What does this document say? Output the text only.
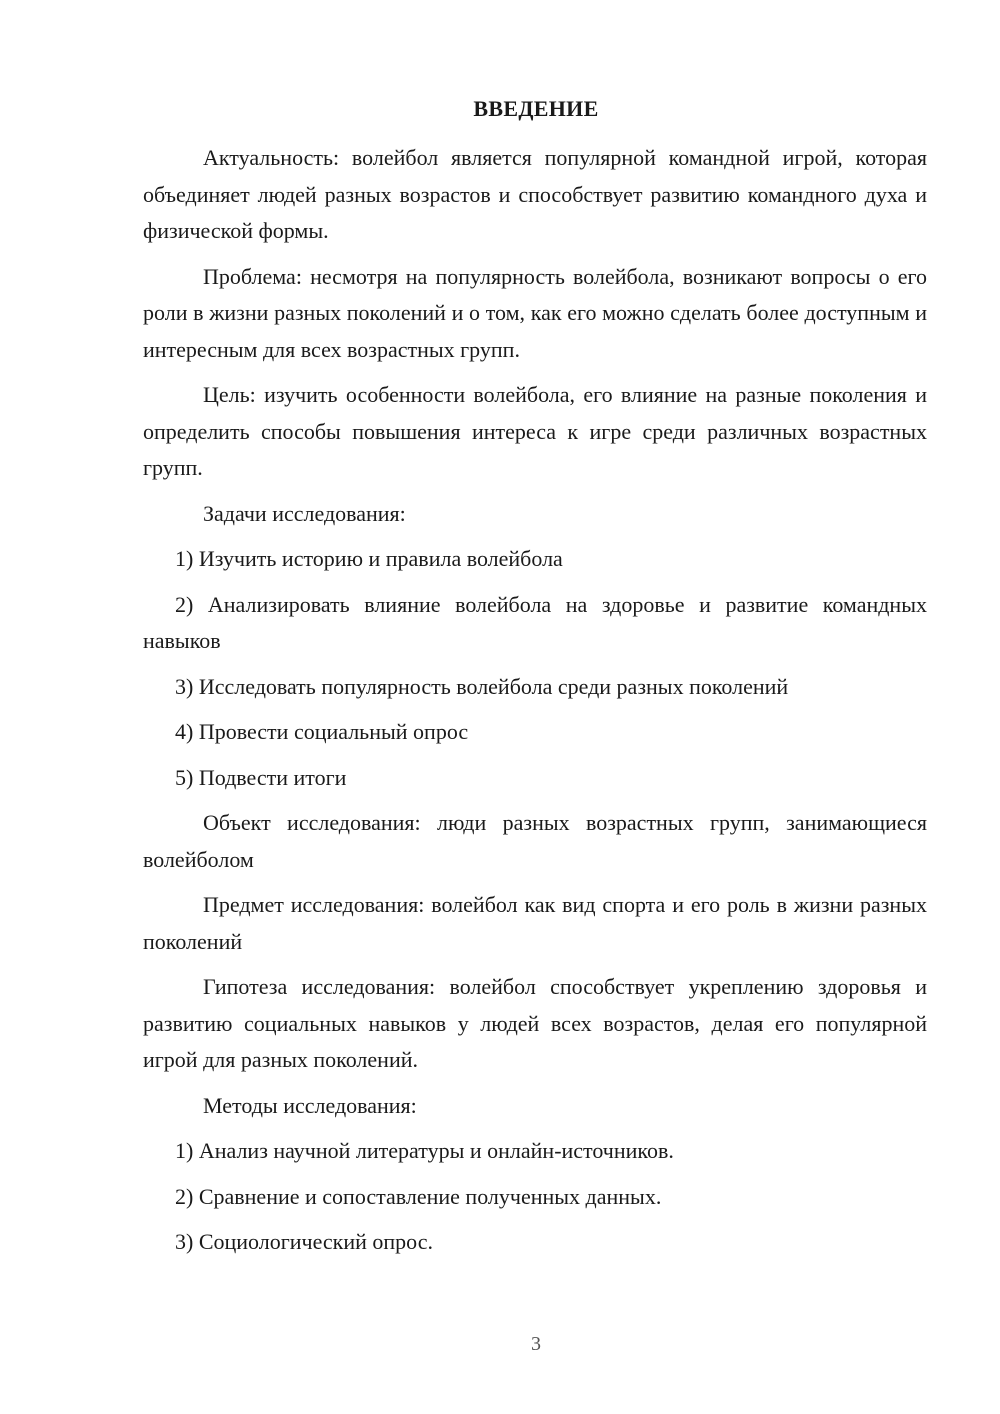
ВВЕДЕНИЕ

Актуальность: волейбол является популярной командной игрой, которая объединяет людей разных возрастов и способствует развитию командного духа и физической формы.

Проблема: несмотря на популярность волейбола, возникают вопросы о его роли в жизни разных поколений и о том, как его можно сделать более доступным и интересным для всех возрастных групп.

Цель: изучить особенности волейбола, его влияние на разные поколения и определить способы повышения интереса к игре среди различных возрастных групп.

Задачи исследования:

1) Изучить историю и правила волейбола

2) Анализировать влияние волейбола на здоровье и развитие командных навыков

3) Исследовать популярность волейбола среди разных поколений

4) Провести социальный опрос

5) Подвести итоги

Объект исследования: люди разных возрастных групп, занимающиеся волейболом

Предмет исследования: волейбол как вид спорта и его роль в жизни разных поколений

Гипотеза исследования: волейбол способствует укреплению здоровья и развитию социальных навыков у людей всех возрастов, делая его популярной игрой для разных поколений.

Методы исследования:

1) Анализ научной литературы и онлайн-источников.

2) Сравнение и сопоставление полученных данных.

3) Социологический опрос.

3
